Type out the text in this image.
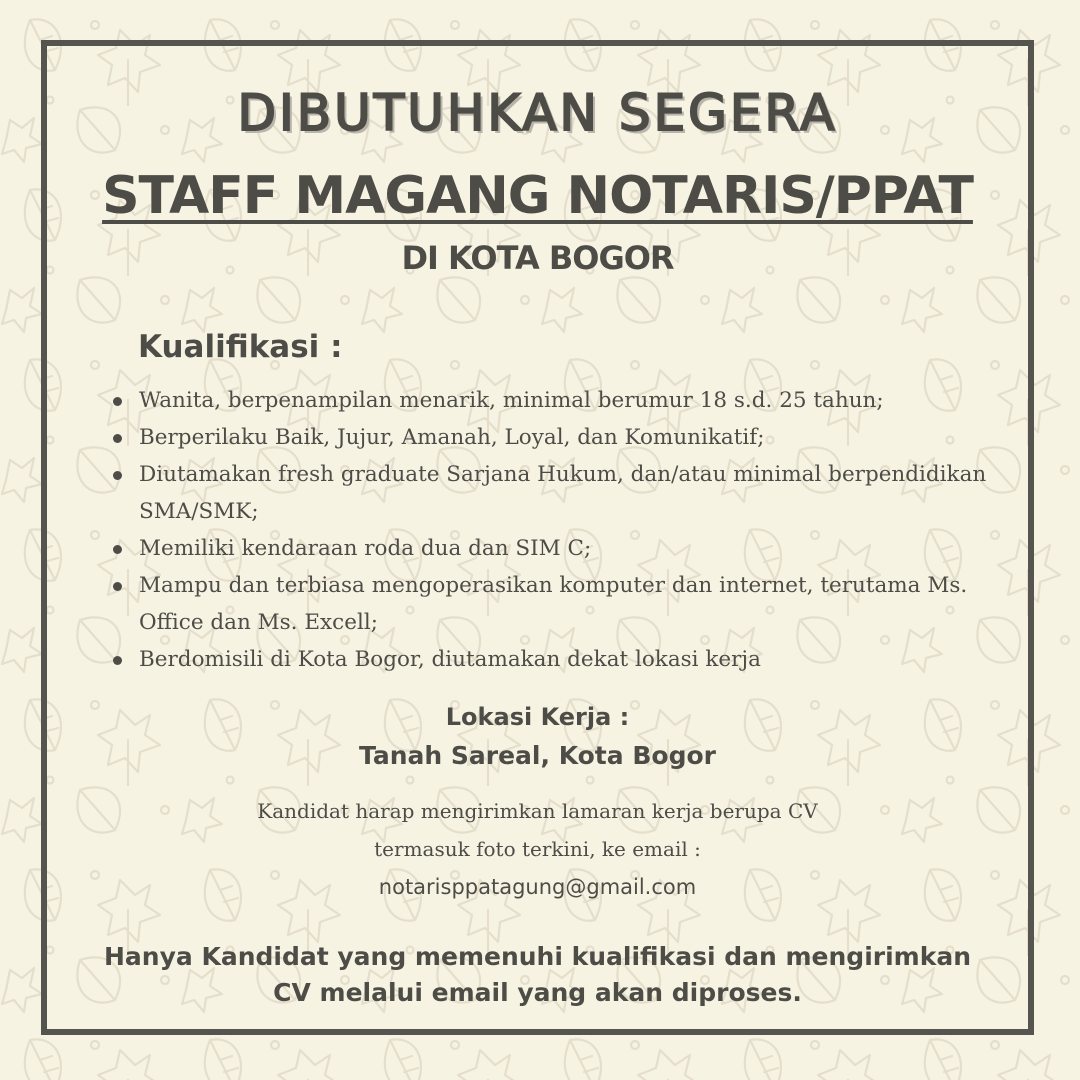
DIBUTUHKAN SEGERA
STAFF MAGANG NOTARIS/PPAT
DI KOTA BOGOR
Kualifikasi :
Wanita, berpenampilan menarik, minimal berumur 18 s.d. 25 tahun;
Berperilaku Baik, Jujur, Amanah, Loyal, dan Komunikatif;
Diutamakan fresh graduate Sarjana Hukum, dan/atau minimal berpendidikan SMA/SMK;
Memiliki kendaraan roda dua dan SIM C;
Mampu dan terbiasa mengoperasikan komputer dan internet, terutama Ms. Office dan Ms. Excell;
Berdomisili di Kota Bogor, diutamakan dekat lokasi kerja
Lokasi Kerja :
Tanah Sareal, Kota Bogor
Kandidat harap mengirimkan lamaran kerja berupa CV
termasuk foto terkini, ke email :
notarisppatagung@gmail.com
Hanya Kandidat yang memenuhi kualifikasi dan mengirimkan
CV melalui email yang akan diproses.
